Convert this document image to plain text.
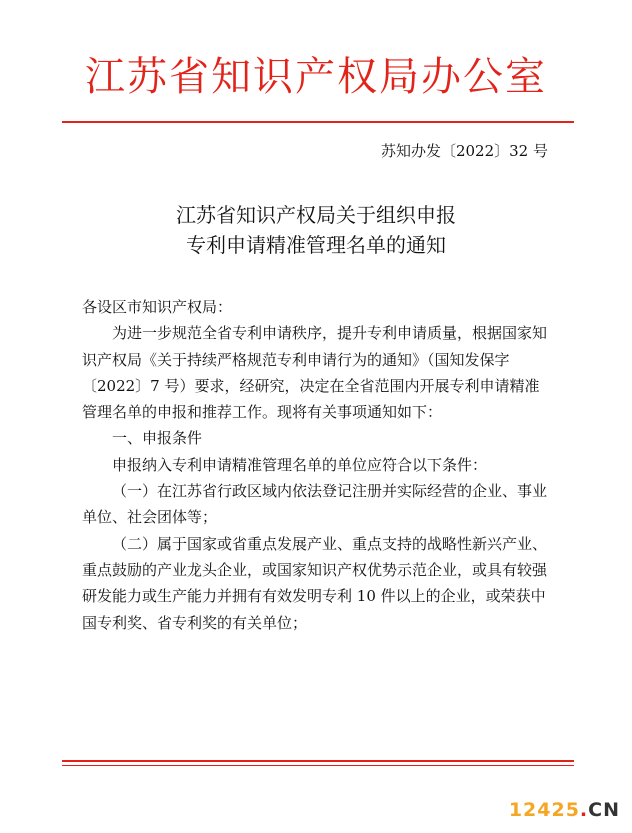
江苏省知识产权局办公室
苏知办发〔2022〕32 号
江苏省知识产权局关于组织申报
专利申请精准管理名单的通知

各设区市知识产权局：

为进一步规范全省专利申请秩序，提升专利申请质量，根据国家知识产权局《关于持续严格规范专利申请行为的通知》（国知发保字〔2022〕7 号）要求，经研究，决定在全省范围内开展专利申请精准管理名单的申报和推荐工作。现将有关事项通知如下：

一、申报条件

申报纳入专利申请精准管理名单的单位应符合以下条件：

（一）在江苏省行政区域内依法登记注册并实际经营的企业、事业单位、社会团体等；

（二）属于国家或省重点发展产业、重点支持的战略性新兴产业、重点鼓励的产业龙头企业，或国家知识产权优势示范企业，或具有较强研发能力或生产能力并拥有有效发明专利 10 件以上的企业，或荣获中国专利奖、省专利奖的有关单位；

12425.CN
